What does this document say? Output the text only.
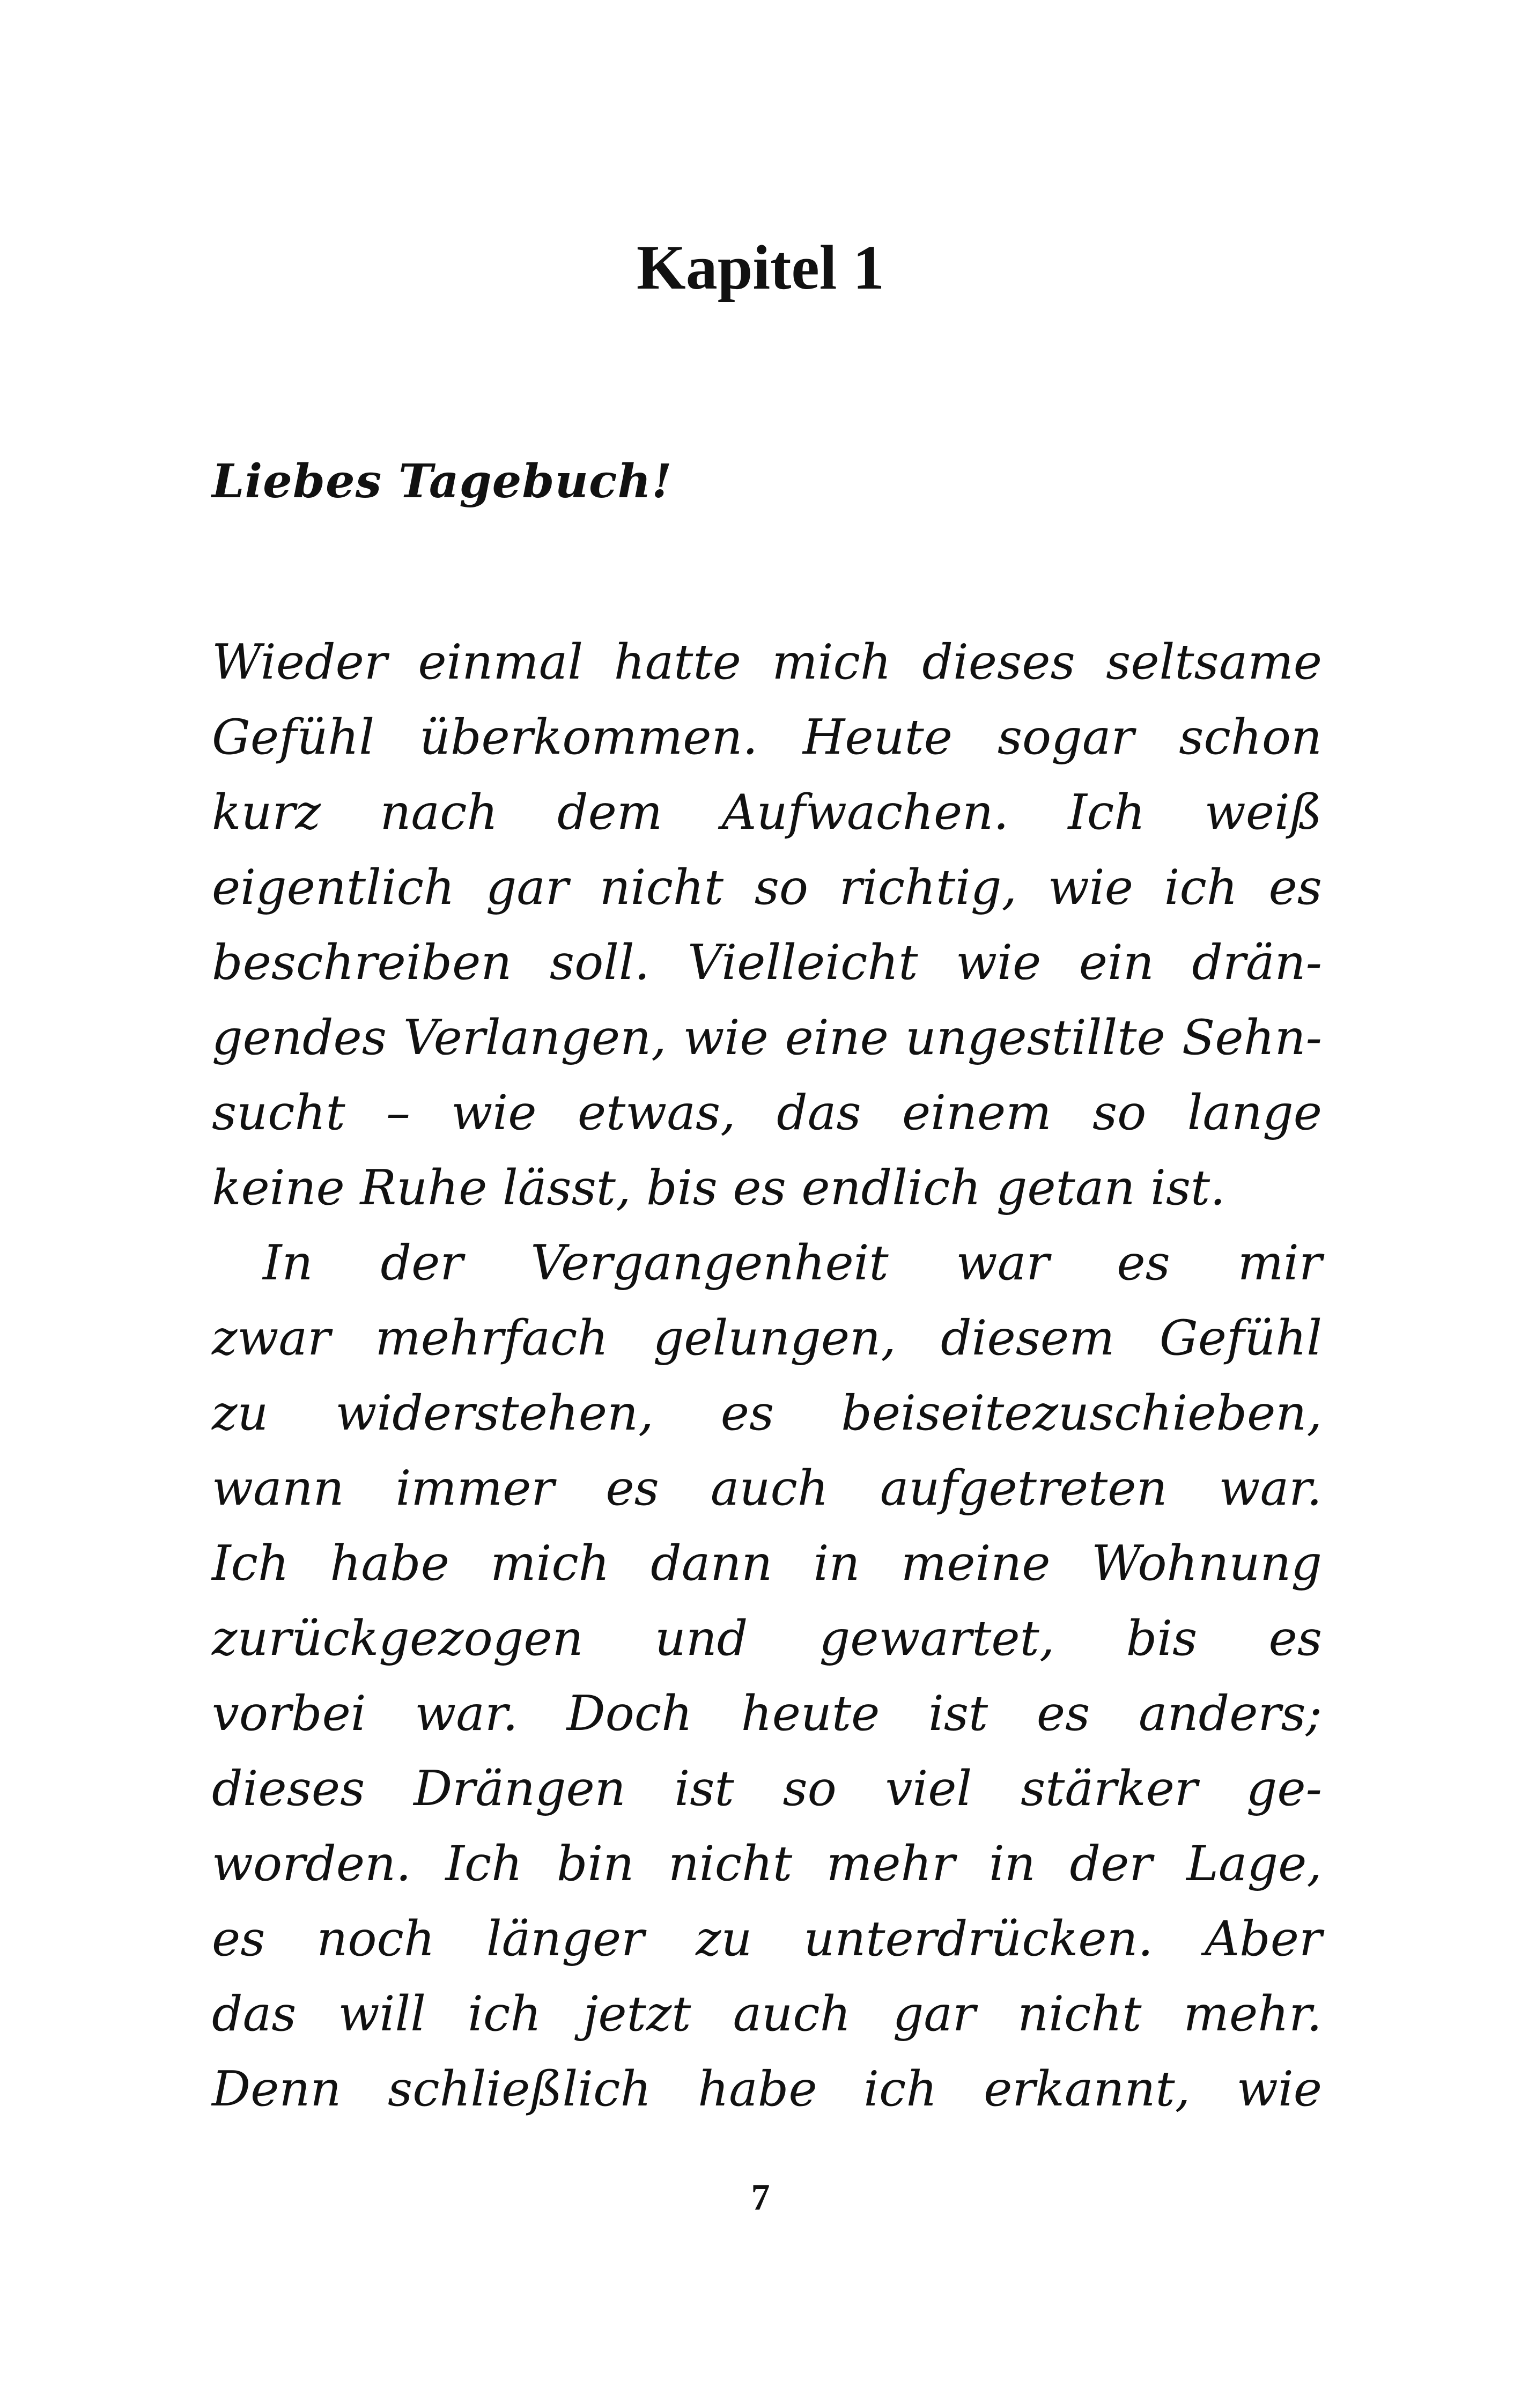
Kapitel 1

Liebes Tagebuch!

Wieder einmal hatte mich dieses seltsame
Gefühl überkommen. Heute sogar schon
kurz nach dem Aufwachen. Ich weiß
eigentlich gar nicht so richtig, wie ich es
beschreiben soll. Vielleicht wie ein drän-
gendes Verlangen, wie eine ungestillte Sehn-
sucht – wie etwas, das einem so lange
keine Ruhe lässt, bis es endlich getan ist.
In der Vergangenheit war es mir
zwar mehrfach gelungen, diesem Gefühl
zu widerstehen, es beiseitezuschieben,
wann immer es auch aufgetreten war.
Ich habe mich dann in meine Wohnung
zurückgezogen und gewartet, bis es
vorbei war. Doch heute ist es anders;
dieses Drängen ist so viel stärker ge-
worden. Ich bin nicht mehr in der Lage,
es noch länger zu unterdrücken. Aber
das will ich jetzt auch gar nicht mehr.
Denn schließlich habe ich erkannt, wie

7
